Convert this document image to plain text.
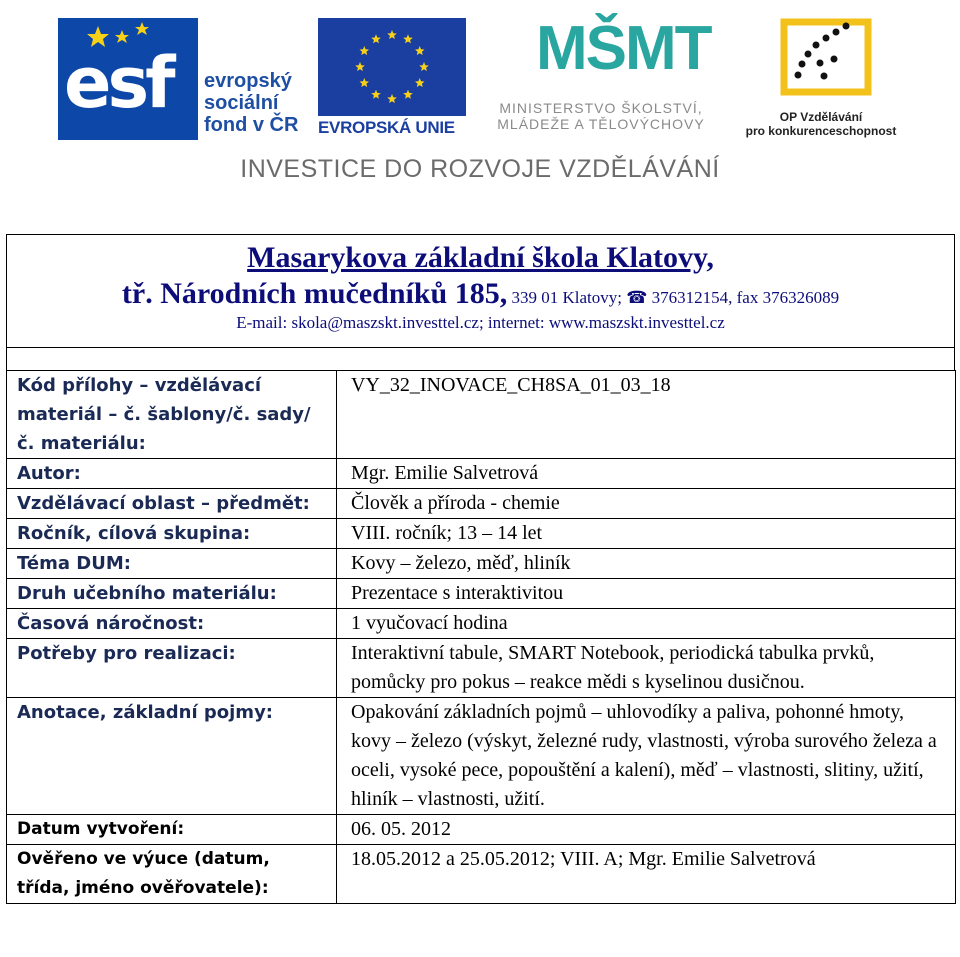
esf evropský
sociální
fond v ČR EVROPSKÁ UNIE
MŠMT
MINISTERSTVO ŠKOLSTVÍ,
MLÁDEŽE A TĚLOVÝCHOVY	OP Vzdělávání
pro konkurenceschopnost
INVESTICE DO ROZVOJE VZDĚLÁVÁNÍ
Masarykova základní škola Klatovy,
tř. Národních mučedníků 185, 339 01 Klatovy; ☎ 376312154, fax 376326089
E-mail: skola@maszskt.investtel.cz; internet: www.maszskt.investtel.cz
Kód přílohy – vzdělávací materiál – č. šablony/č. sady/č. materiálu:	VY_32_INOVACE_CH8SA_01_03_18
Autor:	Mgr. Emilie Salvetrová
Vzdělávací oblast – předmět:	Člověk a příroda - chemie
Ročník, cílová skupina:	VIII. ročník; 13 – 14 let
Téma DUM:	Kovy – železo, měď, hliník
Druh učebního materiálu:	Prezentace s interaktivitou
Časová náročnost:	1 vyučovací hodina
Potřeby pro realizaci:	Interaktivní tabule, SMART Notebook, periodická tabulka prvků, pomůcky pro pokus – reakce mědi s kyselinou dusičnou.
Anotace, základní pojmy:	Opakování základních pojmů – uhlovodíky a paliva, pohonné hmoty, kovy – železo (výskyt, železné rudy, vlastnosti, výroba surového železa a oceli, vysoké pece, popouštění a kalení), měď – vlastnosti, slitiny, užití, hliník – vlastnosti, užití.
Datum vytvoření:	06. 05. 2012
Ověřeno ve výuce (datum, třída, jméno ověřovatele):	18.05.2012 a 25.05.2012; VIII. A; Mgr. Emilie Salvetrová
